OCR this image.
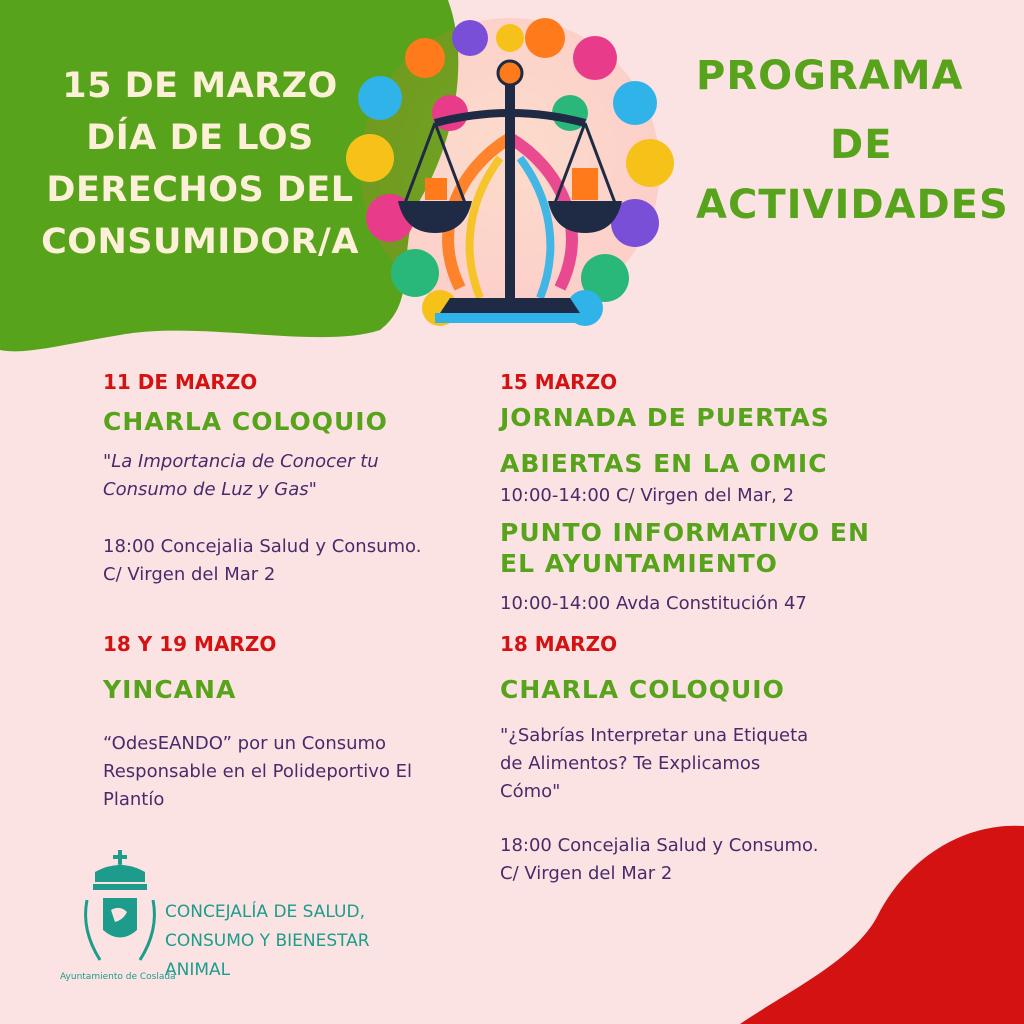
15 DE MARZO
DÍA DE LOS
DERECHOS DEL
CONSUMIDOR/A
PROGRAMA
DE
ACTIVIDADES
11 DE MARZO
CHARLA COLOQUIO
"La Importancia de Conocer tu
Consumo de Luz y Gas"
18:00 Concejalia Salud y Consumo.
C/ Virgen del Mar 2
18 Y 19 MARZO
YINCANA
“OdesEANDO” por un Consumo
Responsable en el Polideportivo El
Plantío
15 MARZO
JORNADA DE PUERTAS
ABIERTAS EN LA OMIC
10:00-14:00 C/ Virgen del Mar, 2
PUNTO INFORMATIVO EN
EL AYUNTAMIENTO
10:00-14:00 Avda Constitución 47
18 MARZO
CHARLA COLOQUIO
"¿Sabrías Interpretar una Etiqueta
de Alimentos? Te Explicamos
Cómo"
18:00 Concejalia Salud y Consumo.
C/ Virgen del Mar 2
Ayuntamiento de Coslada
CONCEJALÍA DE SALUD,
CONSUMO Y BIENESTAR
ANIMAL
